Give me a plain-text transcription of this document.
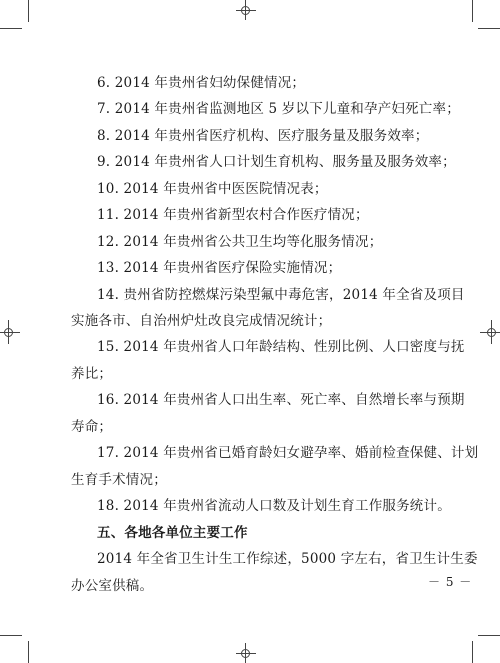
6. 2014 年贵州省妇幼保健情况；
7. 2014 年贵州省监测地区 5 岁以下儿童和孕产妇死亡率；
8. 2014 年贵州省医疗机构、医疗服务量及服务效率；
9. 2014 年贵州省人口计划生育机构、服务量及服务效率；
10. 2014 年贵州省中医医院情况表；
11. 2014 年贵州省新型农村合作医疗情况；
12. 2014 年贵州省公共卫生均等化服务情况；
13. 2014 年贵州省医疗保险实施情况；
14. 贵州省防控燃煤污染型氟中毒危害，2014 年全省及项目
实施各市、自治州炉灶改良完成情况统计；
15. 2014 年贵州省人口年龄结构、性别比例、人口密度与抚
养比；
16. 2014 年贵州省人口出生率、死亡率、自然增长率与预期
寿命；
17. 2014 年贵州省已婚育龄妇女避孕率、婚前检查保健、计划
生育手术情况；
18. 2014 年贵州省流动人口数及计划生育工作服务统计。
五、各地各单位主要工作
2014 年全省卫生计生工作综述，5000 字左右，省卫生计生委
办公室供稿。	－ 5 －
